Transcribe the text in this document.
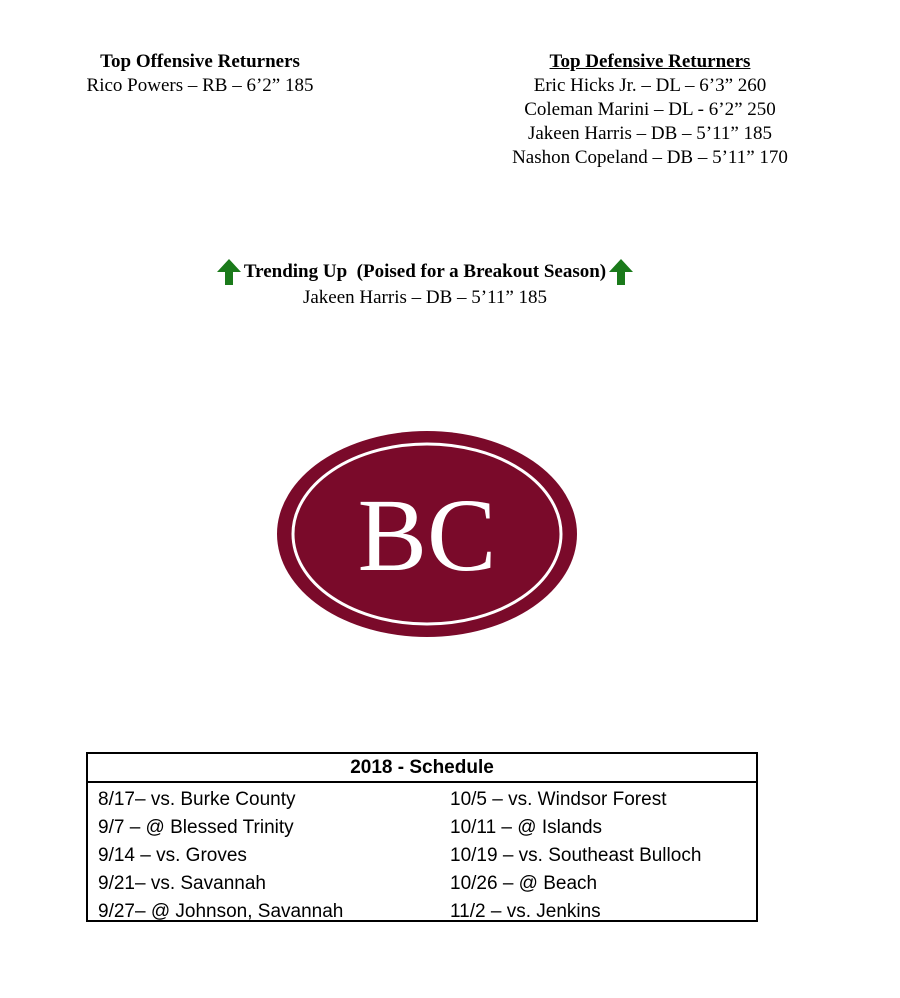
Top Offensive Returners
Rico Powers – RB – 6’2” 185
Top Defensive Returners
Eric Hicks Jr. – DL – 6’3” 260
Coleman Marini – DL - 6’2” 250
Jakeen Harris – DB – 5’11” 185
Nashon Copeland – DB – 5’11” 170
Trending Up  (Poised for a Breakout Season)
Jakeen Harris – DB – 5’11” 185
BC
2018 - Schedule
8/17– vs. Burke County
9/7 – @ Blessed Trinity
9/14 – vs. Groves
9/21– vs. Savannah
9/27– @ Johnson, Savannah
10/5 – vs. Windsor Forest
10/11 – @ Islands
10/19 – vs. Southeast Bulloch
10/26 – @ Beach
11/2 – vs. Jenkins
